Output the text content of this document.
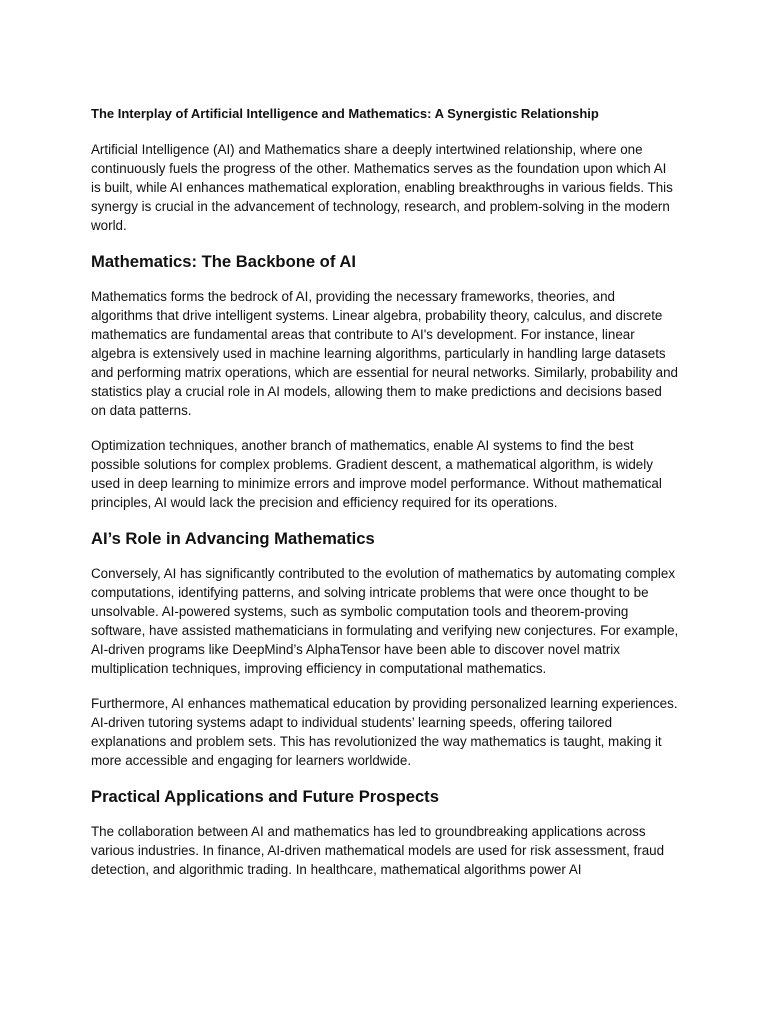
The Interplay of Artificial Intelligence and Mathematics: A Synergistic Relationship

Artificial Intelligence (AI) and Mathematics share a deeply intertwined relationship, where one continuously fuels the progress of the other. Mathematics serves as the foundation upon which AI is built, while AI enhances mathematical exploration, enabling breakthroughs in various fields. This synergy is crucial in the advancement of technology, research, and problem-solving in the modern world.

Mathematics: The Backbone of AI

Mathematics forms the bedrock of AI, providing the necessary frameworks, theories, and algorithms that drive intelligent systems. Linear algebra, probability theory, calculus, and discrete mathematics are fundamental areas that contribute to AI's development. For instance, linear algebra is extensively used in machine learning algorithms, particularly in handling large datasets and performing matrix operations, which are essential for neural networks. Similarly, probability and statistics play a crucial role in AI models, allowing them to make predictions and decisions based on data patterns.

Optimization techniques, another branch of mathematics, enable AI systems to find the best possible solutions for complex problems. Gradient descent, a mathematical algorithm, is widely used in deep learning to minimize errors and improve model performance. Without mathematical principles, AI would lack the precision and efficiency required for its operations.

AI’s Role in Advancing Mathematics

Conversely, AI has significantly contributed to the evolution of mathematics by automating complex computations, identifying patterns, and solving intricate problems that were once thought to be unsolvable. AI-powered systems, such as symbolic computation tools and theorem-proving software, have assisted mathematicians in formulating and verifying new conjectures. For example, AI-driven programs like DeepMind’s AlphaTensor have been able to discover novel matrix multiplication techniques, improving efficiency in computational mathematics.

Furthermore, AI enhances mathematical education by providing personalized learning experiences. AI-driven tutoring systems adapt to individual students’ learning speeds, offering tailored explanations and problem sets. This has revolutionized the way mathematics is taught, making it more accessible and engaging for learners worldwide.

Practical Applications and Future Prospects

The collaboration between AI and mathematics has led to groundbreaking applications across various industries. In finance, AI-driven mathematical models are used for risk assessment, fraud detection, and algorithmic trading. In healthcare, mathematical algorithms power AI
